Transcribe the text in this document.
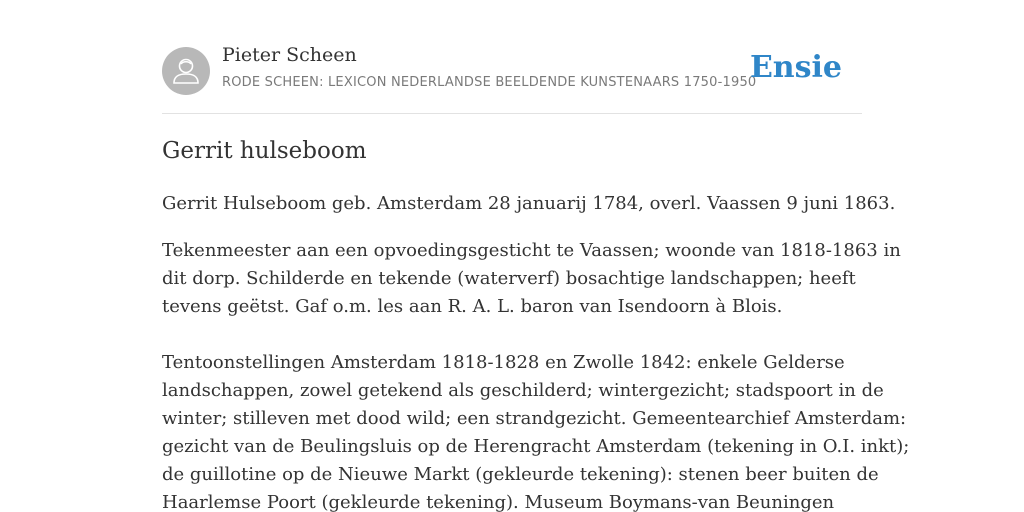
Pieter Scheen
RODE SCHEEN: LEXICON NEDERLANDSE BEELDENDE KUNSTENAARS 1750-1950
Ensie
Gerrit hulseboom

Gerrit Hulseboom geb. Amsterdam 28 januarij 1784, overl. Vaassen 9 juni 1863.

Tekenmeester aan een opvoedingsgesticht te Vaassen; woonde van 1818-1863 in
dit dorp. Schilderde en tekende (waterverf) bosachtige landschappen; heeft
tevens geëtst. Gaf o.m. les aan R. A. L. baron van Isendoorn à Blois.

Tentoonstellingen Amsterdam 1818-1828 en Zwolle 1842: enkele Gelderse
landschappen, zowel getekend als geschilderd; wintergezicht; stadspoort in de
winter; stilleven met dood wild; een strandgezicht. Gemeentearchief Amsterdam:
gezicht van de Beulingsluis op de Herengracht Amsterdam (tekening in O.I. inkt);
de guillotine op de Nieuwe Markt (gekleurde tekening): stenen beer buiten de
Haarlemse Poort (gekleurde tekening). Museum Boymans-van Beuningen
